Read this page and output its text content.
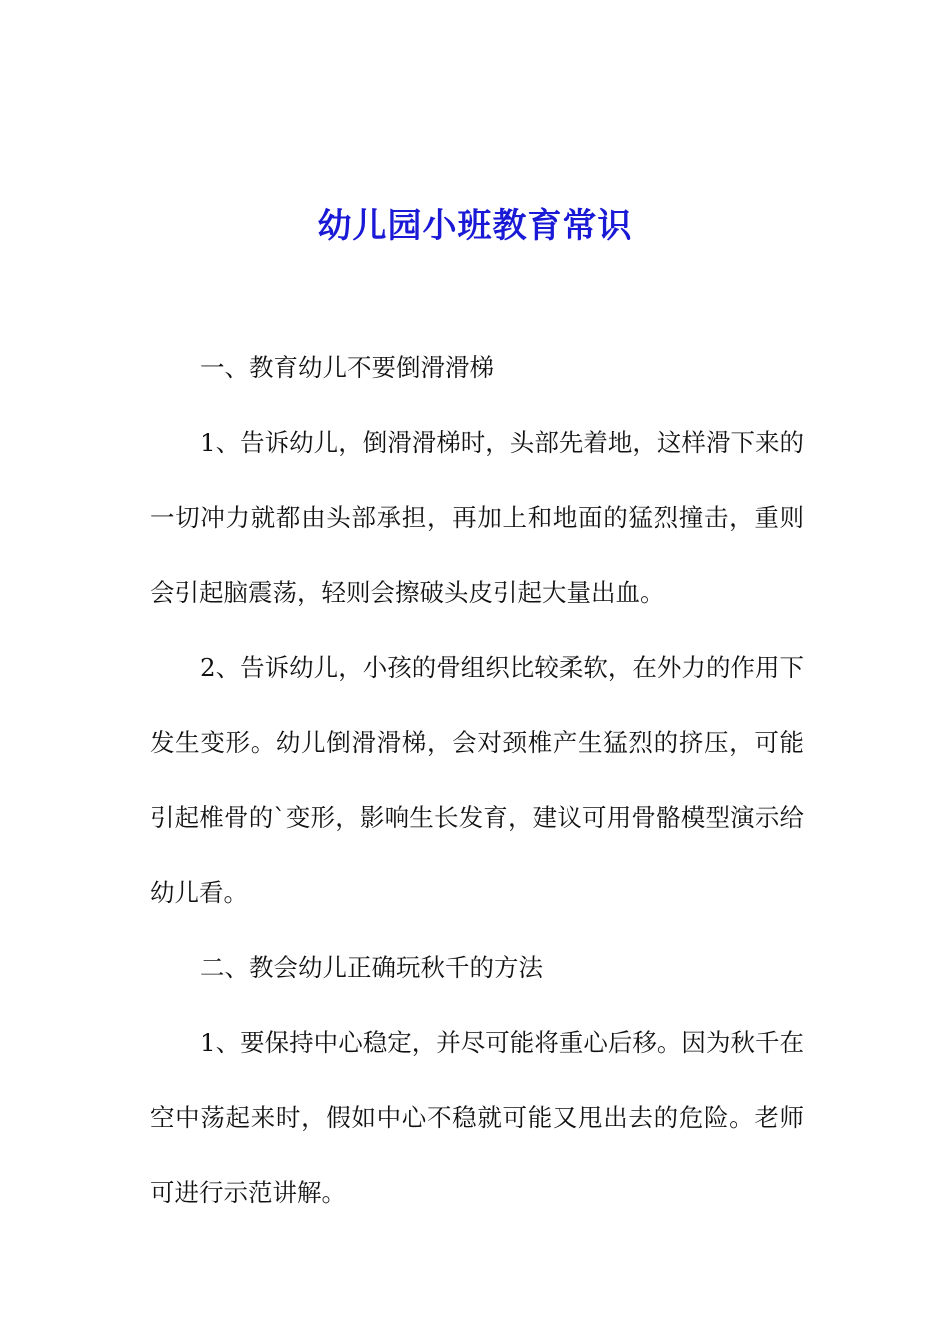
幼儿园小班教育常识

一、教育幼儿不要倒滑滑梯

1、告诉幼儿，倒滑滑梯时，头部先着地，这样滑下来的一切冲力就都由头部承担，再加上和地面的猛烈撞击，重则会引起脑震荡，轻则会擦破头皮引起大量出血。

2、告诉幼儿，小孩的骨组织比较柔软，在外力的作用下发生变形。幼儿倒滑滑梯，会对颈椎产生猛烈的挤压，可能引起椎骨的`变形，影响生长发育，建议可用骨骼模型演示给幼儿看。

二、教会幼儿正确玩秋千的方法

1、要保持中心稳定，并尽可能将重心后移。因为秋千在空中荡起来时，假如中心不稳就可能又甩出去的危险。老师可进行示范讲解。
